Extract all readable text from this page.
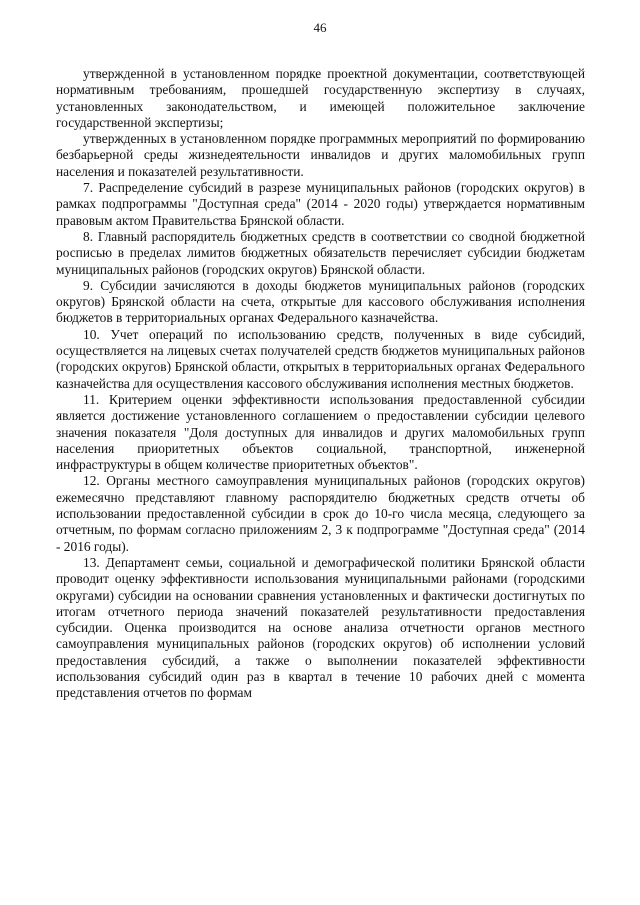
46

утвержденной в установленном порядке проектной документации, соответствующей нормативным требованиям, прошедшей государственную экспертизу в случаях, установленных законодательством, и имеющей положительное заключение государственной экспертизы;

утвержденных в установленном порядке программных мероприятий по формированию безбарьерной среды жизнедеятельности инвалидов и других маломобильных групп населения и показателей результативности.

7. Распределение субсидий в разрезе муниципальных районов (городских округов) в рамках подпрограммы "Доступная среда" (2014 - 2020 годы) утверждается нормативным правовым актом Правительства Брянской области.

8. Главный распорядитель бюджетных средств в соответствии со сводной бюджетной росписью в пределах лимитов бюджетных обязательств перечисляет субсидии бюджетам муниципальных районов (городских округов) Брянской области.

9. Субсидии зачисляются в доходы бюджетов муниципальных районов (городских округов) Брянской области на счета, открытые для кассового обслуживания исполнения бюджетов в территориальных органах Федерального казначейства.

10. Учет операций по использованию средств, полученных в виде субсидий, осуществляется на лицевых счетах получателей средств бюджетов муниципальных районов (городских округов) Брянской области, открытых в территориальных органах Федерального казначейства для осуществления кассового обслуживания исполнения местных бюджетов.

11. Критерием оценки эффективности использования предоставленной субсидии является достижение установленного соглашением о предоставлении субсидии целевого значения показателя "Доля доступных для инвалидов и других маломобильных групп населения приоритетных объектов социальной, транспортной, инженерной инфраструктуры в общем количестве приоритетных объектов".

12. Органы местного самоуправления муниципальных районов (городских округов) ежемесячно представляют главному распорядителю бюджетных средств отчеты об использовании предоставленной субсидии в срок до 10-го числа месяца, следующего за отчетным, по формам согласно приложениям 2, 3 к подпрограмме "Доступная среда" (2014 - 2016 годы).

13. Департамент семьи, социальной и демографической политики Брянской области проводит оценку эффективности использования муниципальными районами (городскими округами) субсидии на основании сравнения установленных и фактически достигнутых по итогам отчетного периода значений показателей результативности предоставления субсидии. Оценка производится на основе анализа отчетности органов местного самоуправления муниципальных районов (городских округов) об исполнении условий предоставления субсидий, а также о выполнении показателей эффективности использования субсидий один раз в квартал в течение 10 рабочих дней с момента представления отчетов по формам
